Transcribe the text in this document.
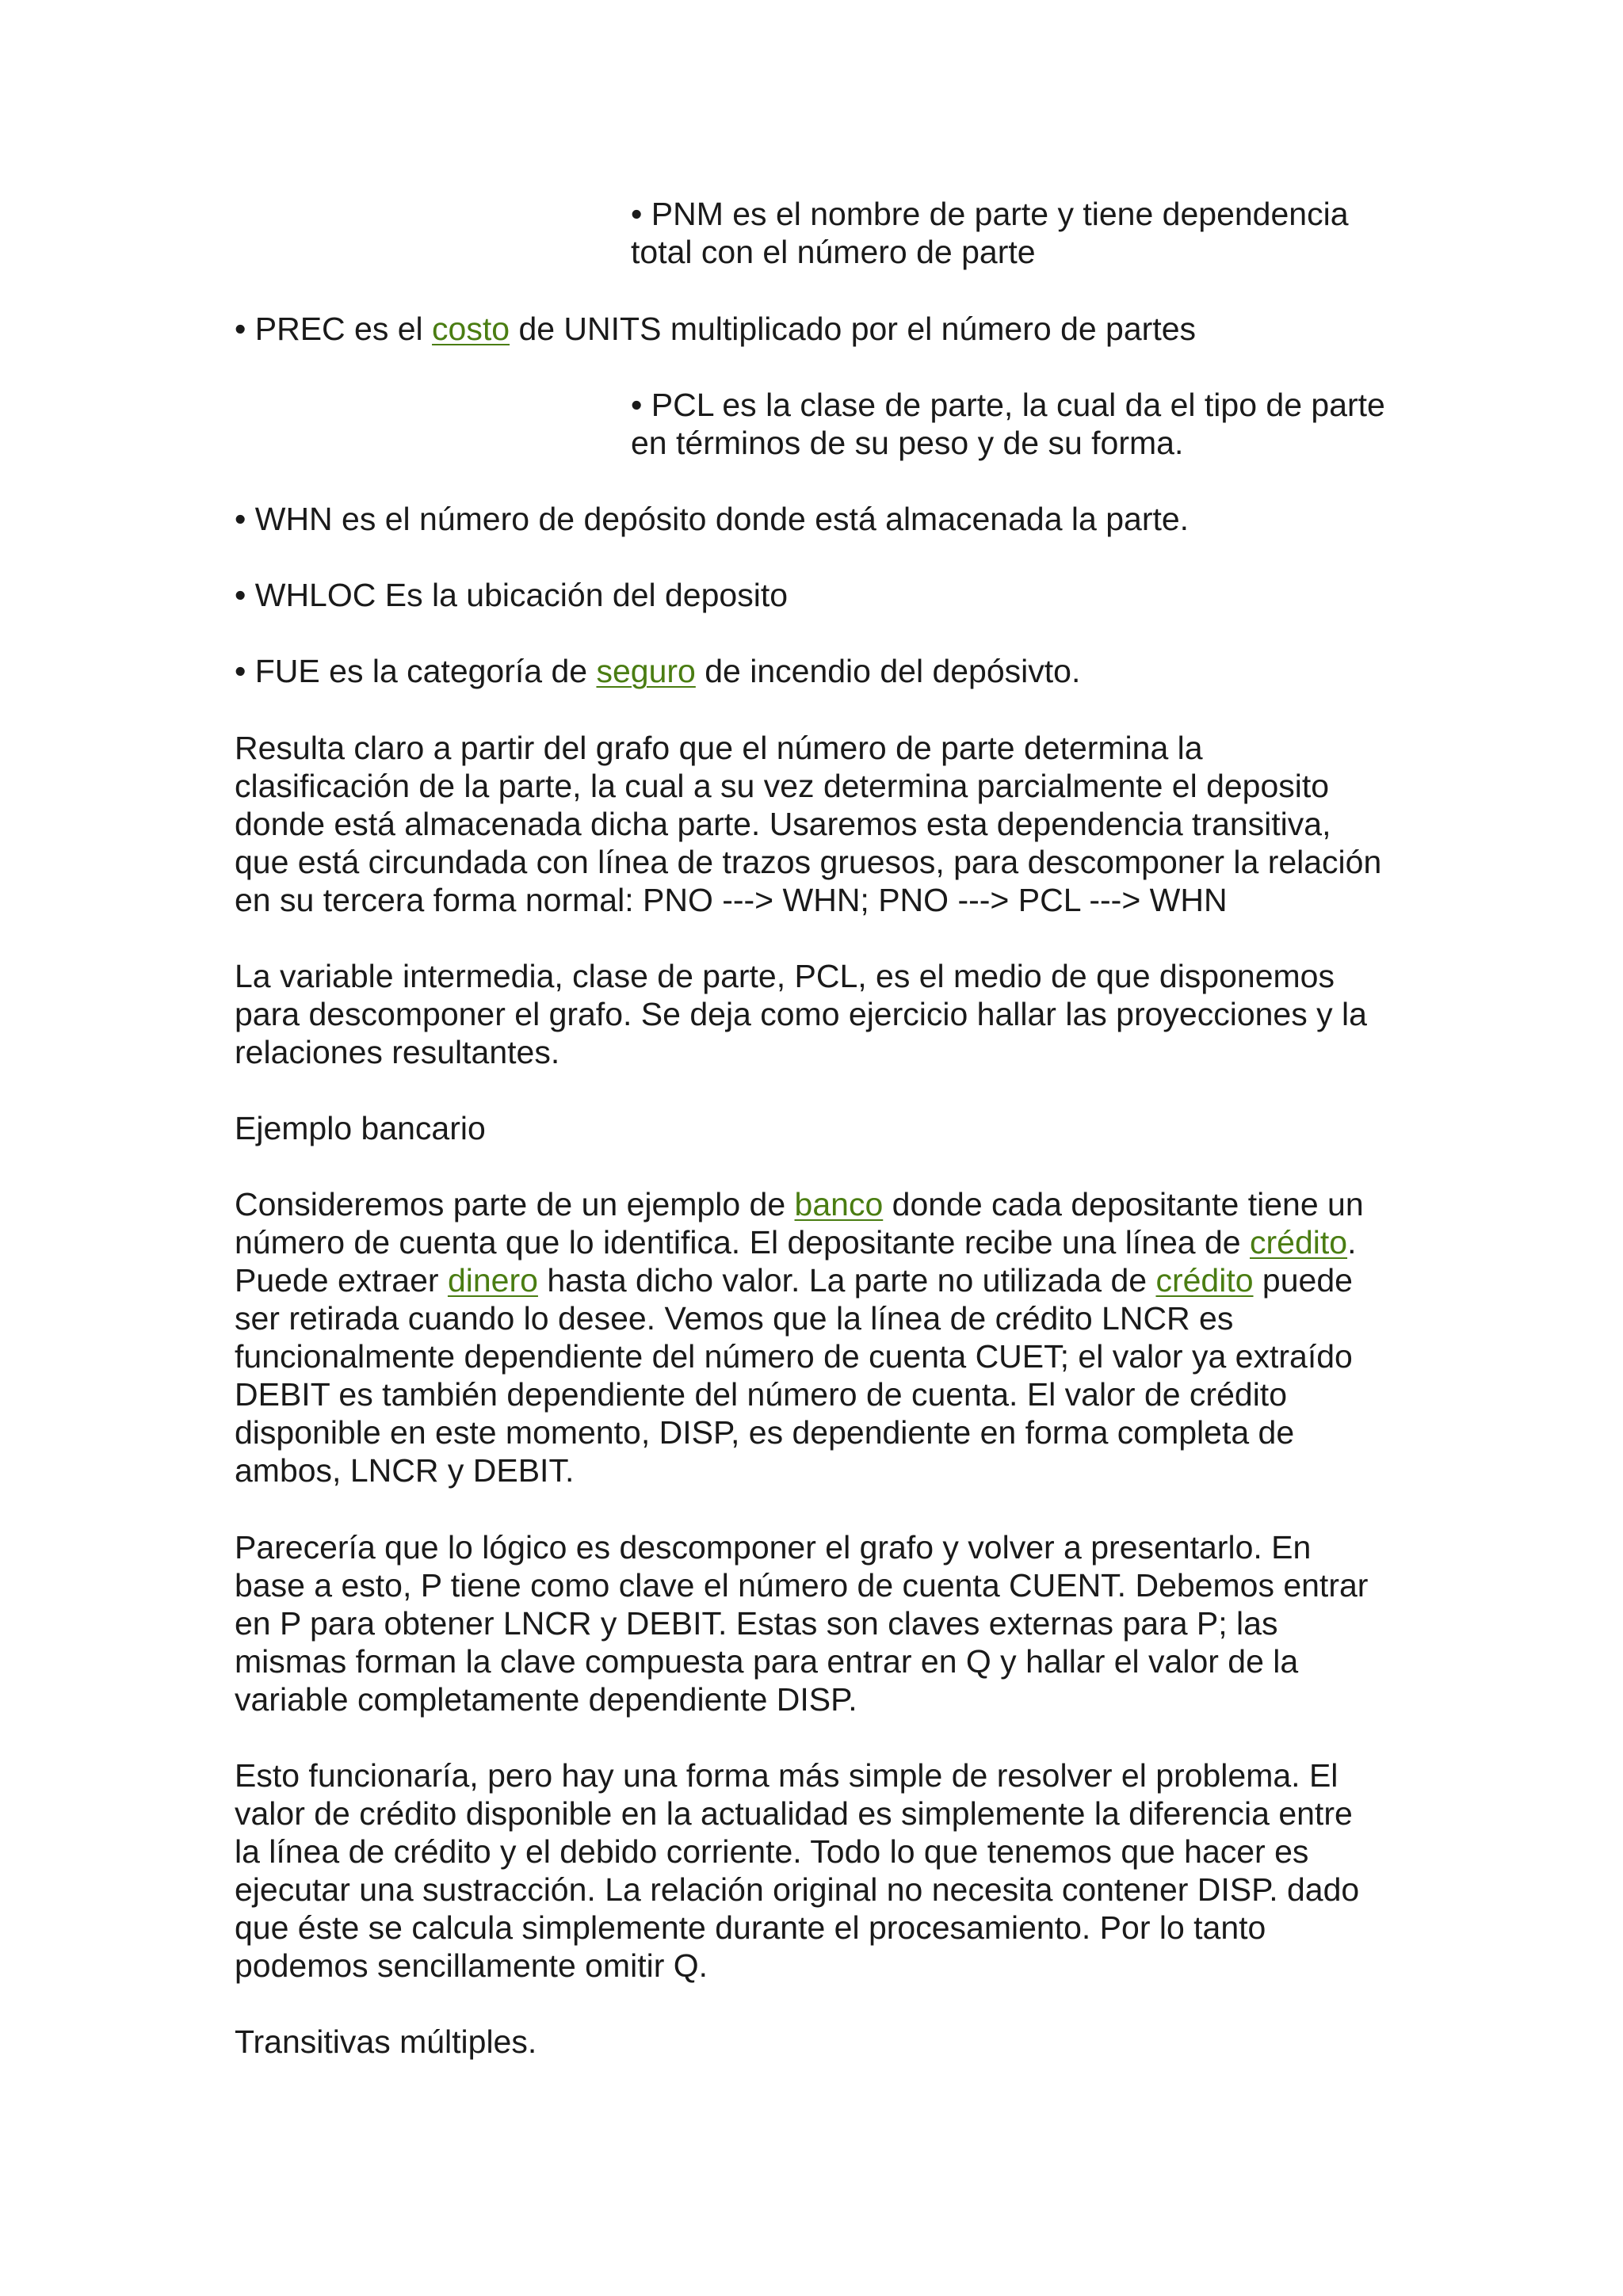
• PNM es el nombre de parte y tiene dependencia

total con el número de parte

• PREC es el costo de UNITS multiplicado por el número de partes

• PCL es la clase de parte, la cual da el tipo de parte

en términos de su peso y de su forma.

• WHN es el número de depósito donde está almacenada la parte.

• WHLOC Es la ubicación del deposito

• FUE es la categoría de seguro de incendio del depósivto.

Resulta claro a partir del grafo que el número de parte determina la

clasificación de la parte, la cual a su vez determina parcialmente el deposito

donde está almacenada dicha parte. Usaremos esta dependencia transitiva,

que está circundada con línea de trazos gruesos, para descomponer la relación

en su tercera forma normal: PNO ---> WHN; PNO ---> PCL ---> WHN

La variable intermedia, clase de parte, PCL, es el medio de que disponemos

para descomponer el grafo. Se deja como ejercicio hallar las proyecciones y la

relaciones resultantes.

Ejemplo bancario

Consideremos parte de un ejemplo de banco donde cada depositante tiene un

número de cuenta que lo identifica. El depositante recibe una línea de crédito.

Puede extraer dinero hasta dicho valor. La parte no utilizada de crédito puede

ser retirada cuando lo desee. Vemos que la línea de crédito LNCR es

funcionalmente dependiente del número de cuenta CUET; el valor ya extraído

DEBIT es también dependiente del número de cuenta. El valor de crédito

disponible en este momento, DISP, es dependiente en forma completa de

ambos, LNCR y DEBIT.

Parecería que lo lógico es descomponer el grafo y volver a presentarlo. En

base a esto, P tiene como clave el número de cuenta CUENT. Debemos entrar

en P para obtener LNCR y DEBIT. Estas son claves externas para P; las

mismas forman la clave compuesta para entrar en Q y hallar el valor de la

variable completamente dependiente DISP.

Esto funcionaría, pero hay una forma más simple de resolver el problema. El

valor de crédito disponible en la actualidad es simplemente la diferencia entre

la línea de crédito y el debido corriente. Todo lo que tenemos que hacer es

ejecutar una sustracción. La relación original no necesita contener DISP. dado

que éste se calcula simplemente durante el procesamiento. Por lo tanto

podemos sencillamente omitir Q.

Transitivas múltiples.
